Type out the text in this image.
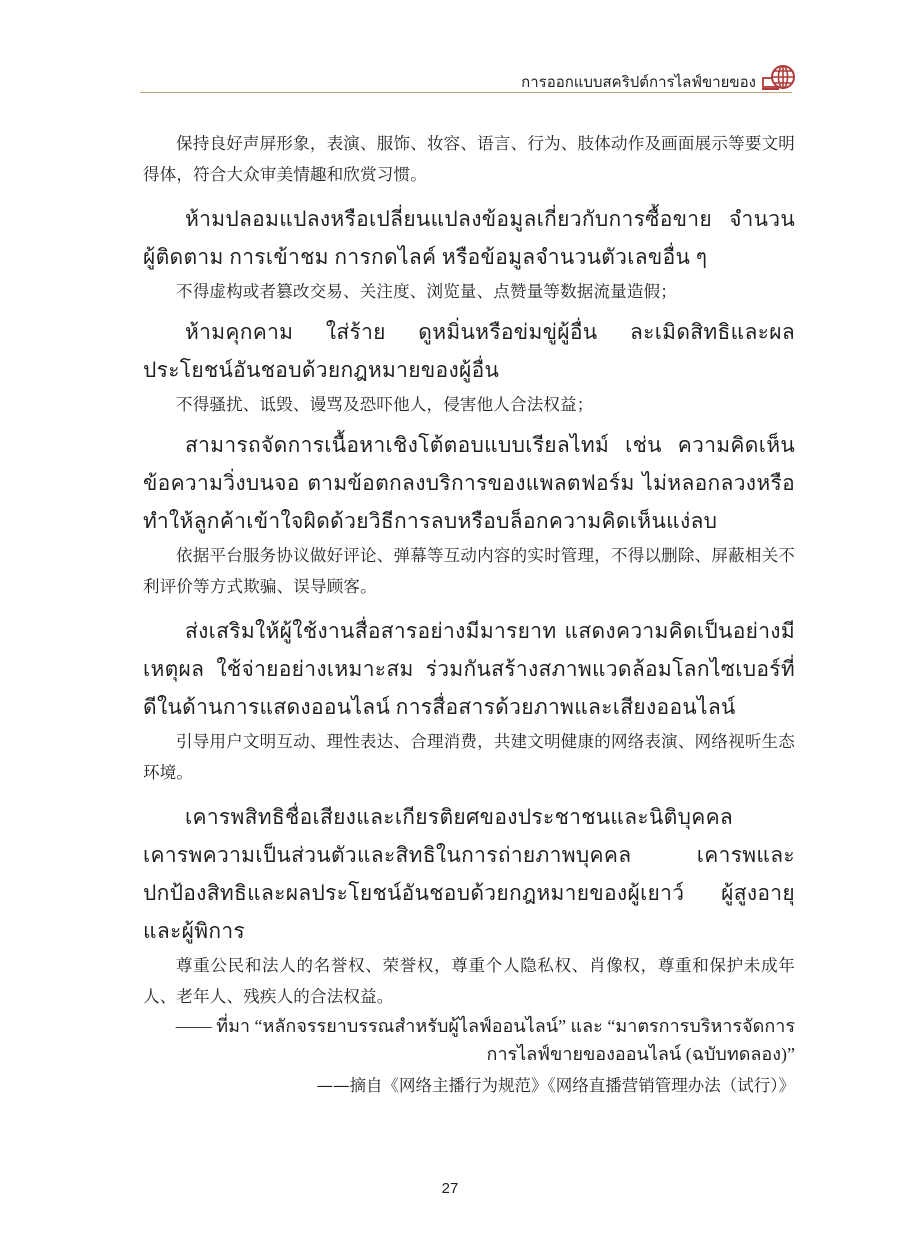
การออกแบบสคริปต์การไลฟ์ขายของ

保持良好声屏形象，表演、服饰、妆容、语言、行为、肢体动作及画面展示等要文明得体，符合大众审美情趣和欣赏习惯。

ห้ามปลอมแปลงหรือเปลี่ยนแปลงข้อมูลเกี่ยวกับการซื้อขาย จำนวนผู้ติดตาม การเข้าชม การกดไลค์ หรือข้อมูลจำนวนตัวเลขอื่น ๆ

不得虚构或者篡改交易、关注度、浏览量、点赞量等数据流量造假；

ห้ามคุกคาม ใส่ร้าย ดูหมิ่นหรือข่มขู่ผู้อื่น ละเมิดสิทธิและผลประโยชน์อันชอบด้วยกฎหมายของผู้อื่น

不得骚扰、诋毁、谩骂及恐吓他人，侵害他人合法权益；

สามารถจัดการเนื้อหาเชิงโต้ตอบแบบเรียลไทม์ เช่น ความคิดเห็น ข้อความวิ่งบนจอ ตามข้อตกลงบริการของแพลตฟอร์ม ไม่หลอกลวงหรือทำให้ลูกค้าเข้าใจผิดด้วยวิธีการลบหรือบล็อกความคิดเห็นแง่ลบ

依据平台服务协议做好评论、弹幕等互动内容的实时管理，不得以删除、屏蔽相关不利评价等方式欺骗、误导顾客。

ส่งเสริมให้ผู้ใช้งานสื่อสารอย่างมีมารยาท แสดงความคิดเป็นอย่างมีเหตุผล ใช้จ่ายอย่างเหมาะสม ร่วมกันสร้างสภาพแวดล้อมโลกไซเบอร์ที่ดีในด้านการแสดงออนไลน์ การสื่อสารด้วยภาพและเสียงออนไลน์

引导用户文明互动、理性表达、合理消费，共建文明健康的网络表演、网络视听生态环境。

เคารพสิทธิชื่อเสียงและเกียรติยศของประชาชนและนิติบุคคล เคารพความเป็นส่วนตัวและสิทธิในการถ่ายภาพบุคคล เคารพและปกป้องสิทธิและผลประโยชน์อันชอบด้วยกฎหมายของผู้เยาว์ ผู้สูงอายุและผู้พิการ

尊重公民和法人的名誉权、荣誉权，尊重个人隐私权、肖像权，尊重和保护未成年人、老年人、残疾人的合法权益。

—— ที่มา “หลักจรรยาบรรณสำหรับผู้ไลฟ์ออนไลน์” และ “มาตรการบริหารจัดการ

การไลฟ์ขายของออนไลน์ (ฉบับทดลอง)”

——摘自《网络主播行为规范》《网络直播营销管理办法（试行）》

27
